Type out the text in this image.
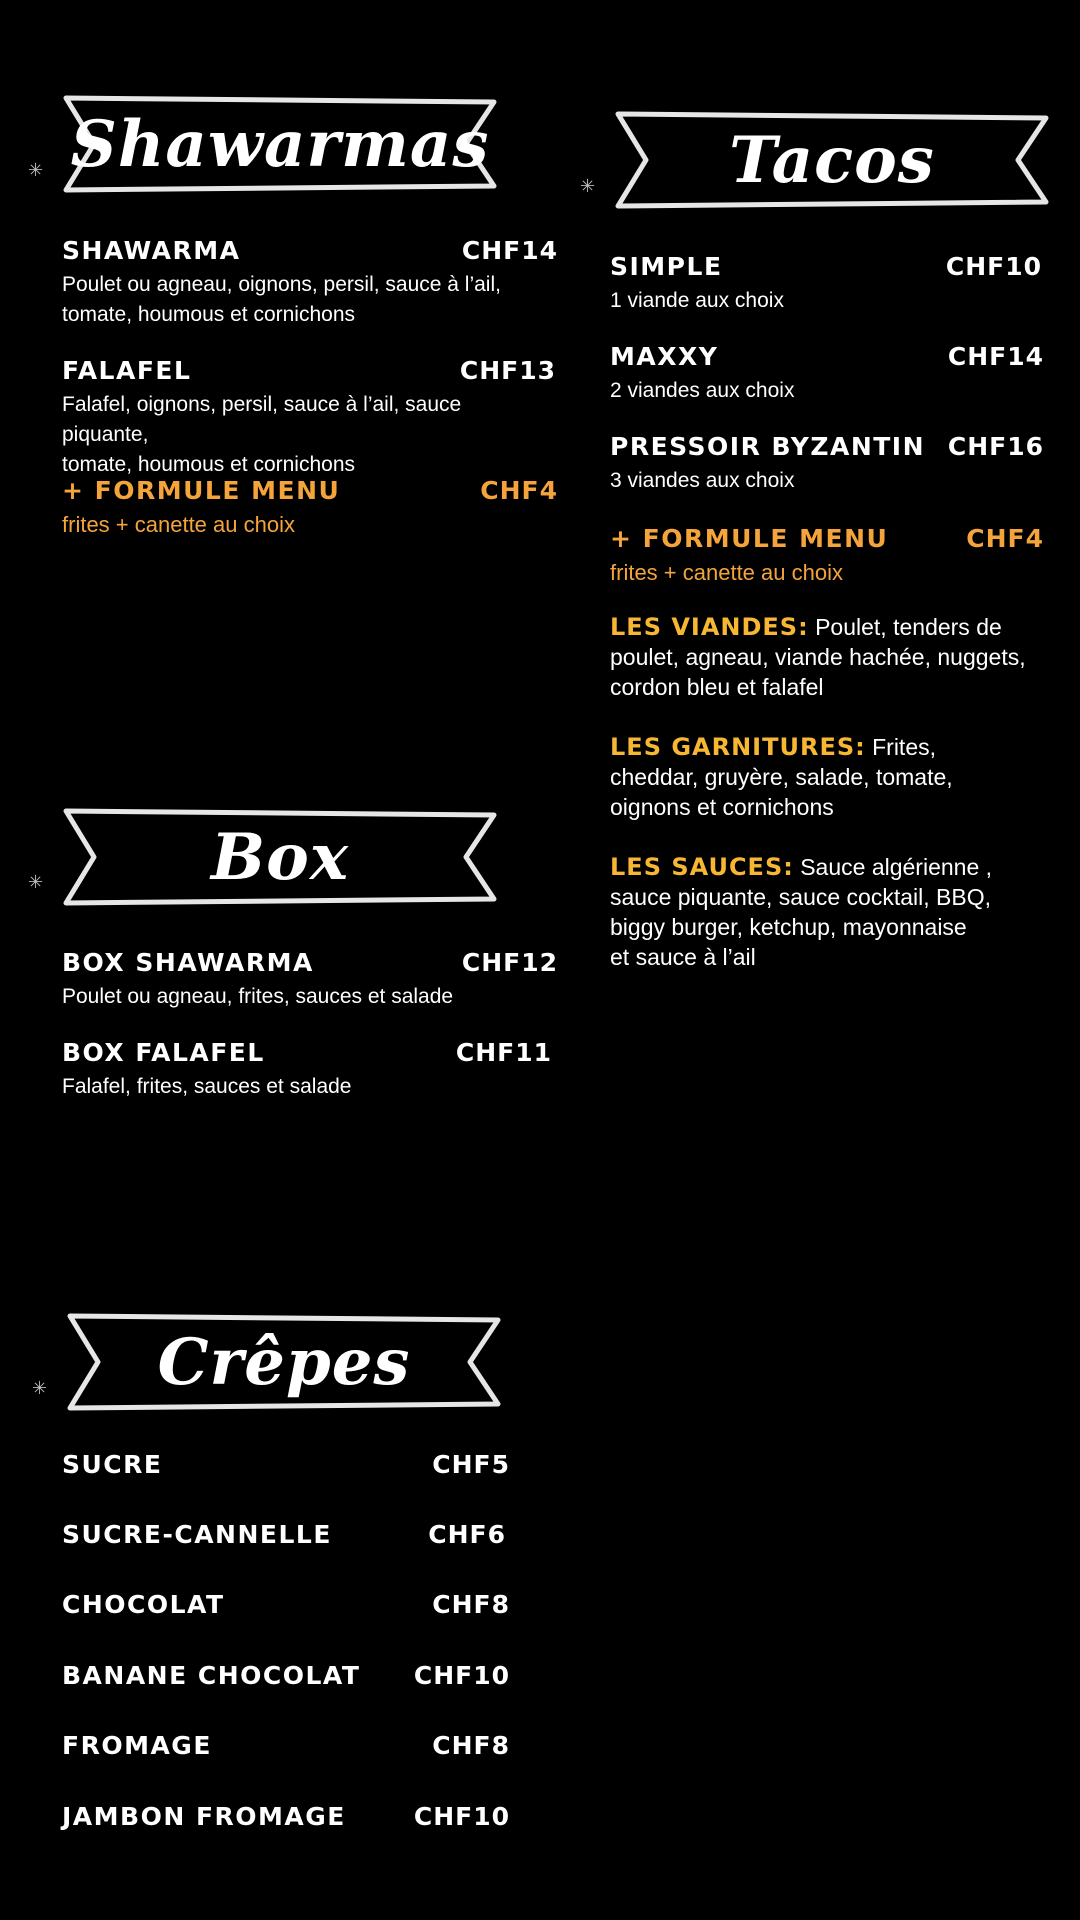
Shawarmas
✳
SHAWARMA	CHF14
Poulet ou agneau, oignons, persil, sauce à l’ail,
tomate, houmous et cornichons
FALAFEL	CHF13
Falafel, oignons, persil, sauce à l’ail, sauce piquante,
tomate, houmous et cornichons
+ FORMULE MENU	CHF4
frites + canette au choix
Box
✳
BOX SHAWARMA	CHF12
Poulet ou agneau, frites, sauces et salade
BOX FALAFEL	CHF11
Falafel, frites, sauces et salade
Crêpes
✳
SUCRE	CHF5
SUCRE-CANNELLE	CHF6
CHOCOLAT	CHF8
BANANE CHOCOLAT CHF10
FROMAGE	CHF8
JAMBON FROMAGE	CHF10
Tacos
✳
SIMPLE	CHF10
1 viande aux choix
MAXXY	CHF14
2 viandes aux choix
PRESSOIR BYZANTIN CHF16
3 viandes aux choix
+ FORMULE MENU	CHF4
frites + canette au choix
LES VIANDES: Poulet, tenders de
poulet, agneau, viande hachée, nuggets,
cordon bleu et falafel
LES GARNITURES: Frites,
cheddar, gruyère, salade, tomate,
oignons et cornichons
LES SAUCES: Sauce algérienne ,
sauce piquante, sauce cocktail, BBQ,
biggy burger, ketchup, mayonnaise
et sauce à l’ail
